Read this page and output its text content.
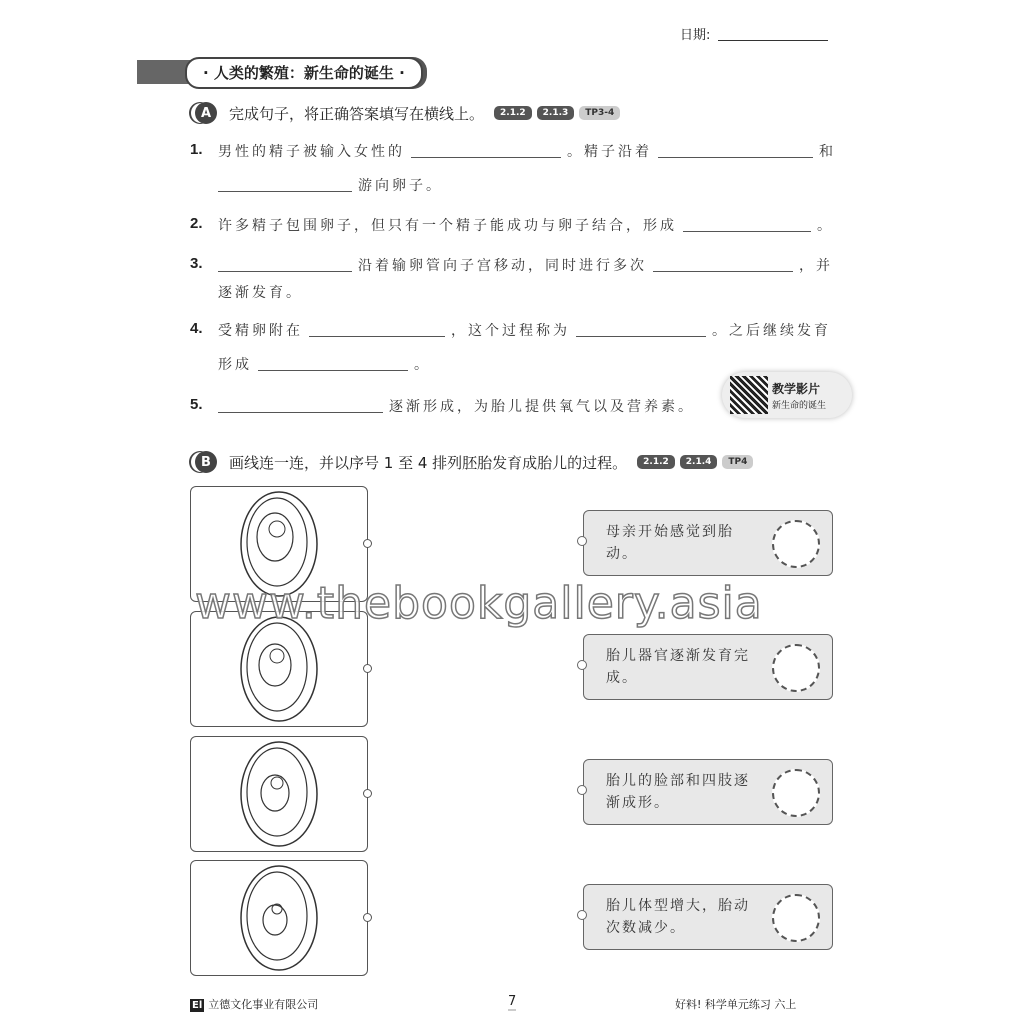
日期:
· 人类的繁殖：新生命的诞生 ·
A	完成句子，将正确答案填写在横线上。	2.1.2	2.1.3	TP3-4
1. 男性的精子被输入女性的	。精子沿着	和
游向卵子。
2. 许多精子包围卵子，但只有一个精子能成功与卵子结合，形成	。
3.	沿着输卵管向子宫移动，同时进行多次	，并
逐渐发育。
4. 受精卵附在	，这个过程称为	。之后继续发育
形成	。
5.	逐渐形成，为胎儿提供氧气以及营养素。
教学影片
新生命的诞生
B	画线连一连，并以序号 1 至 4 排列胚胎发育成胎儿的过程。	2.1.2	2.1.4	TP4
母亲开始感觉到胎动。
胎儿器官逐渐发育完成。
胎儿的脸部和四肢逐渐成形。
胎儿体型增大，胎动次数减少。
www.thebookgallery.asia
El 立德文化事业有限公司	7	好料! 科学单元练习 六上
